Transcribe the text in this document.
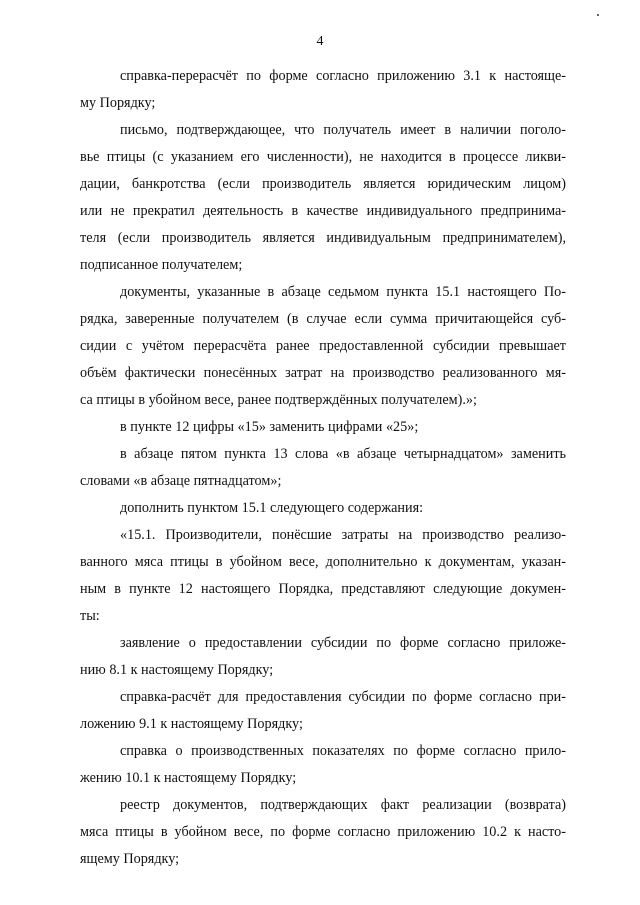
4
справка-перерасчёт по форме согласно приложению 3.1 к настояще-
му Порядку;
письмо, подтверждающее, что получатель имеет в наличии поголо-
вье птицы (с указанием его численности), не находится в процессе ликви-
дации, банкротства (если производитель является юридическим лицом)
или не прекратил деятельность в качестве индивидуального предпринима-
теля (если производитель является индивидуальным предпринимателем),
подписанное получателем;
документы, указанные в абзаце седьмом пункта 15.1 настоящего По-
рядка, заверенные получателем (в случае если сумма причитающейся суб-
сидии с учётом перерасчёта ранее предоставленной субсидии превышает
объём фактически понесённых затрат на производство реализованного мя-
са птицы в убойном весе, ранее подтверждённых получателем).»;
в пункте 12 цифры «15» заменить цифрами «25»;
в абзаце пятом пункта 13 слова «в абзаце четырнадцатом» заменить
словами «в абзаце пятнадцатом»;
дополнить пунктом 15.1 следующего содержания:
«15.1. Производители, понёсшие затраты на производство реализо-
ванного мяса птицы в убойном весе, дополнительно к документам, указан-
ным в пункте 12 настоящего Порядка, представляют следующие докумен-
ты:
заявление о предоставлении субсидии по форме согласно приложе-
нию 8.1 к настоящему Порядку;
справка-расчёт для предоставления субсидии по форме согласно при-
ложению 9.1 к настоящему Порядку;
справка о производственных показателях по форме согласно прило-
жению 10.1 к настоящему Порядку;
реестр документов, подтверждающих факт реализации (возврата)
мяса птицы в убойном весе, по форме согласно приложению 10.2 к насто-
ящему Порядку;
